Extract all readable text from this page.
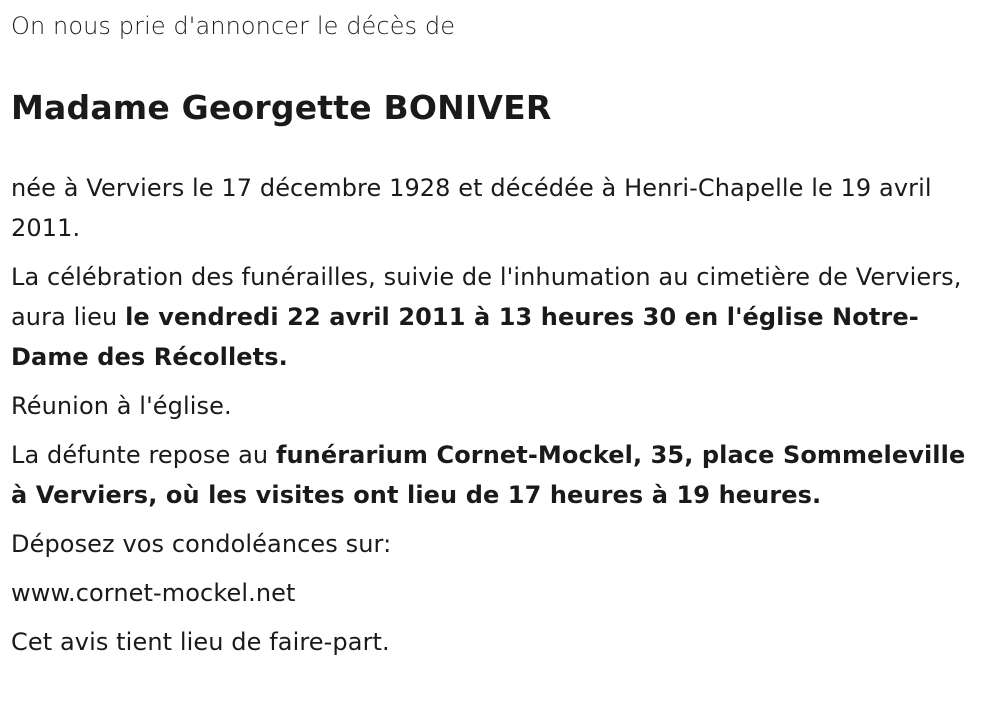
On nous prie d'annoncer le décès de

Madame Georgette BONIVER

née à Verviers le 17 décembre 1928 et décédée à Henri-Chapelle le 19 avril 2011.

La célébration des funérailles, suivie de l'inhumation au cimetière de Verviers, aura lieu le vendredi 22 avril 2011 à 13 heures 30 en l'église Notre-Dame des Récollets.

Réunion à l'église.

La défunte repose au funérarium Cornet-Mockel, 35, place Sommeleville à Verviers, où les visites ont lieu de 17 heures à 19 heures.

Déposez vos condoléances sur:

www.cornet-mockel.net

Cet avis tient lieu de faire-part.
